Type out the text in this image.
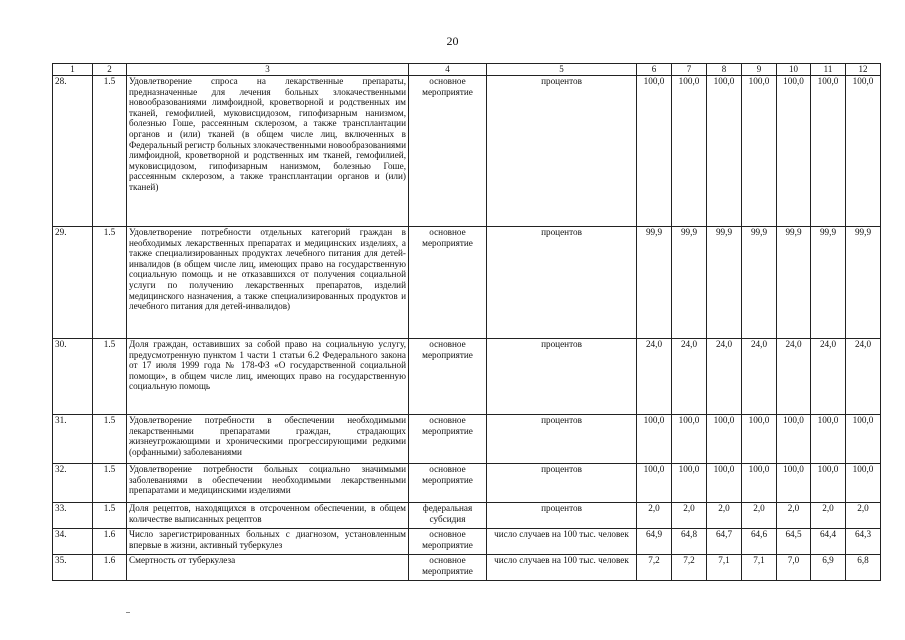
20
1	2	3	4	5	6	7	8	9	10	11	12
28.	1.5	Удовлетворение спроса на лекарственные препараты, предназначенные для лечения больных злокачественными новообразованиями лимфоидной, кроветворной и родственных им тканей, гемофилией, муковисцидозом, гипофизарным нанизмом, болезнью Гоше, рассеянным склерозом, а также трансплантации органов и (или) тканей (в общем числе лиц, включенных в Федеральный регистр больных злокачественными новообразованиями лимфоидной, кроветворной и родственных им тканей, гемофилией, муковисцидозом, гипофизарным нанизмом, болезнью Гоше, рассеянным склерозом, а также трансплантации органов и (или) тканей)	основное мероприятие	процентов	100,0	100,0	100,0	100,0	100,0	100,0	100,0
29.	1.5	Удовлетворение потребности отдельных категорий граждан в необходимых лекарственных препаратах и медицинских изделиях, а также специализированных продуктах лечебного питания для детей-инвалидов (в общем числе лиц, имеющих право на государственную социальную помощь и не отказавшихся от получения социальной услуги по получению лекарственных препаратов, изделий медицинского назначения, а также специализированных продуктов и лечебного питания для детей-инвалидов)	основное мероприятие	процентов	99,9	99,9	99,9	99,9	99,9	99,9	99,9
30.	1.5	Доля граждан, оставивших за собой право на социальную услугу, предусмотренную пунктом 1 части 1 статьи 6.2 Федерального закона от 17 июля 1999 года № 178-ФЗ «О государственной социальной помощи», в общем числе лиц, имеющих право на государственную социальную помощь	основное мероприятие	процентов	24,0	24,0	24,0	24,0	24,0	24,0	24,0
31.	1.5	Удовлетворение потребности в обеспечении необходимыми лекарственными препаратами граждан, страдающих жизнеугрожающими и хроническими прогрессирующими редкими (орфанными) заболеваниями	основное мероприятие	процентов	100,0	100,0	100,0	100,0	100,0	100,0	100,0
32.	1.5	Удовлетворение потребности больных социально значимыми заболеваниями в обеспечении необходимыми лекарственными препаратами и медицинскими изделиями	основное мероприятие	процентов	100,0	100,0	100,0	100,0	100,0	100,0	100,0
33.	1.5	Доля рецептов, находящихся в отсроченном обеспечении, в общем количестве выписанных рецептов	федеральная субсидия	процентов	2,0	2,0	2,0	2,0	2,0	2,0	2,0
34.	1.6	Число зарегистрированных больных с диагнозом, установленным впервые в жизни, активный туберкулез	основное мероприятие	число случаев на 100 тыс. человек	64,9	64,8	64,7	64,6	64,5	64,4	64,3
35.	1.6	Смертность от туберкулеза	основное мероприятие	число случаев на 100 тыс. человек	7,2	7,2	7,1	7,1	7,0	6,9	6,8
